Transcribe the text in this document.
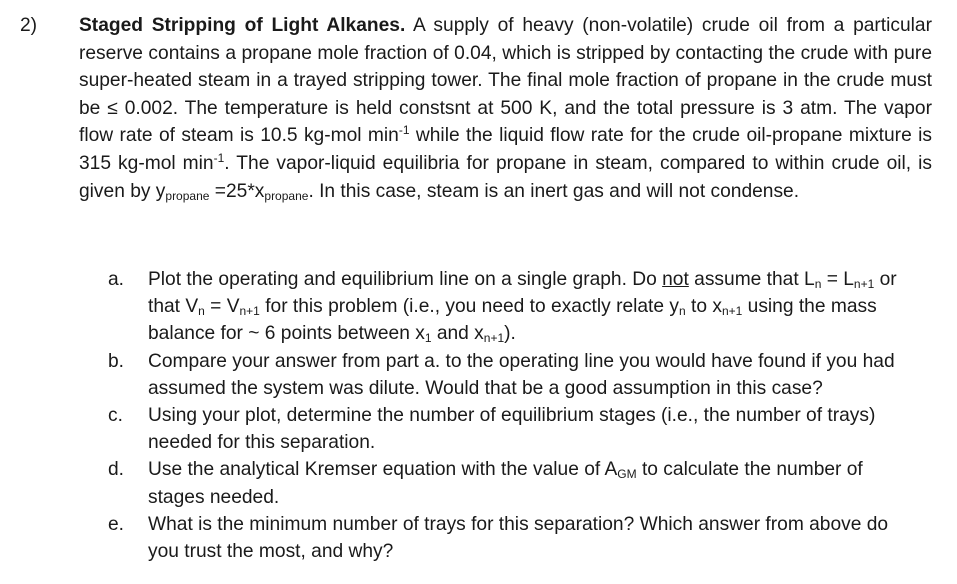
2)	Staged Stripping of Light Alkanes. A supply of heavy (non-volatile) crude oil from a particular reserve contains a propane mole fraction of 0.04, which is stripped by contacting the crude with pure super-heated steam in a trayed stripping tower. The final mole fraction of propane in the crude must be ≤ 0.002. The temperature is held constsnt at 500 K, and the total pressure is 3 atm. The vapor flow rate of steam is 10.5 kg-mol $\min^{-1}$ while the liquid flow rate for the crude oil-propane mixture is 315 kg-mol $\min^{-1}$. The vapor-liquid equilibria for propane in steam, compared to within crude oil, is given by $y_{propane} =25*x_{propane}$. In this case, steam is an inert gas and will not condense.
a.	Plot the operating and equilibrium line on a single graph. Do not assume that $L_n = L_{n+1}$ or that $V_n = V_{n+1}$ for this problem (i.e., you need to exactly relate $y_n$ to $x_{n+1}$ using the mass balance for ~ 6 points between $x_1$ and $x_{n+1}$).
b.	Compare your answer from part a. to the operating line you would have found if you had assumed the system was dilute. Would that be a good assumption in this case?
c.	Using your plot, determine the number of equilibrium stages (i.e., the number of trays) needed for this separation.
d.	Use the analytical Kremser equation with the value of $A_{GM}$ to calculate the number of stages needed.
e.	What is the minimum number of trays for this separation? Which answer from above do you trust the most, and why?
